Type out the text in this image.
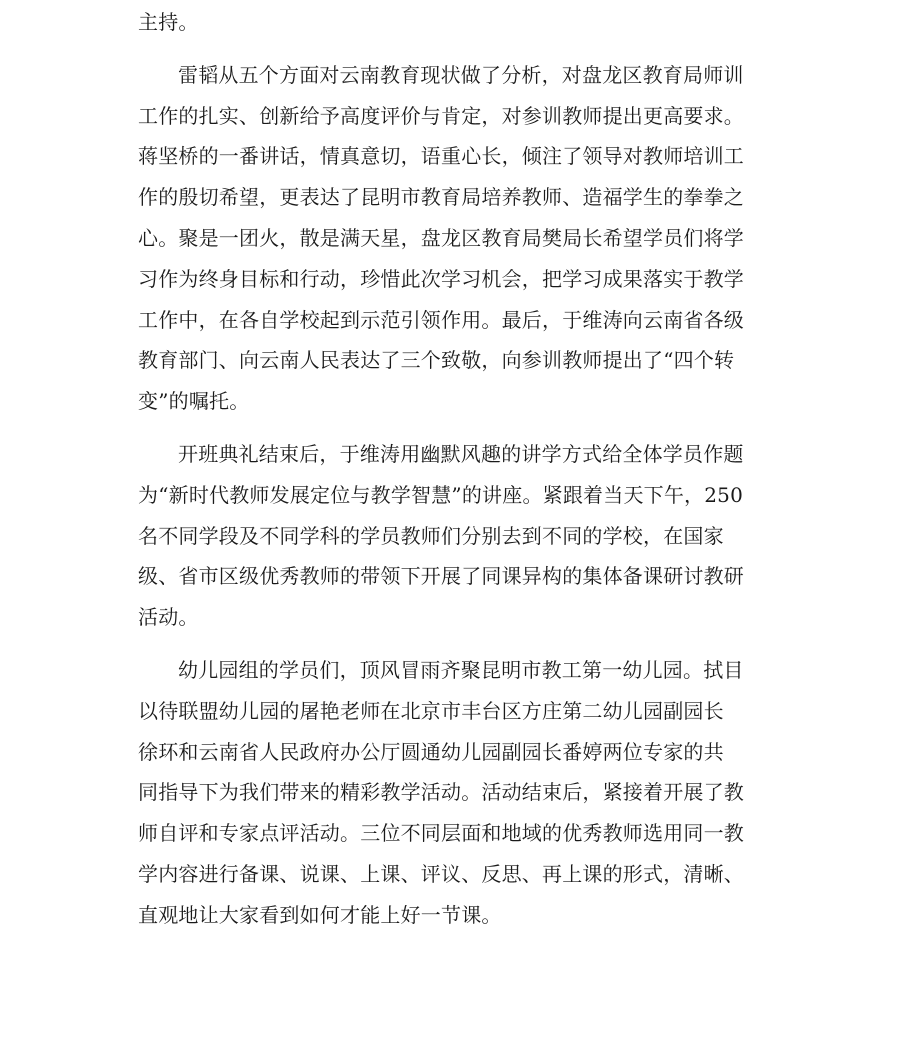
主持。
雷韬从五个方面对云南教育现状做了分析，对盘龙区教育局师训
工作的扎实、创新给予高度评价与肯定，对参训教师提出更高要求。
蒋坚桥的一番讲话，情真意切，语重心长，倾注了领导对教师培训工
作的殷切希望，更表达了昆明市教育局培养教师、造福学生的拳拳之
心。聚是一团火，散是满天星，盘龙区教育局樊局长希望学员们将学
习作为终身目标和行动，珍惜此次学习机会，把学习成果落实于教学
工作中，在各自学校起到示范引领作用。最后，于维涛向云南省各级
教育部门、向云南人民表达了三个致敬，向参训教师提出了“四个转
变”的嘱托。
开班典礼结束后，于维涛用幽默风趣的讲学方式给全体学员作题
为“新时代教师发展定位与教学智慧”的讲座。紧跟着当天下午，250
名不同学段及不同学科的学员教师们分别去到不同的学校，在国家
级、省市区级优秀教师的带领下开展了同课异构的集体备课研讨教研
活动。
幼儿园组的学员们，顶风冒雨齐聚昆明市教工第一幼儿园。拭目
以待联盟幼儿园的屠艳老师在北京市丰台区方庄第二幼儿园副园长
徐环和云南省人民政府办公厅圆通幼儿园副园长番婷两位专家的共
同指导下为我们带来的精彩教学活动。活动结束后，紧接着开展了教
师自评和专家点评活动。三位不同层面和地域的优秀教师选用同一教
学内容进行备课、说课、上课、评议、反思、再上课的形式，清晰、
直观地让大家看到如何才能上好一节课。
